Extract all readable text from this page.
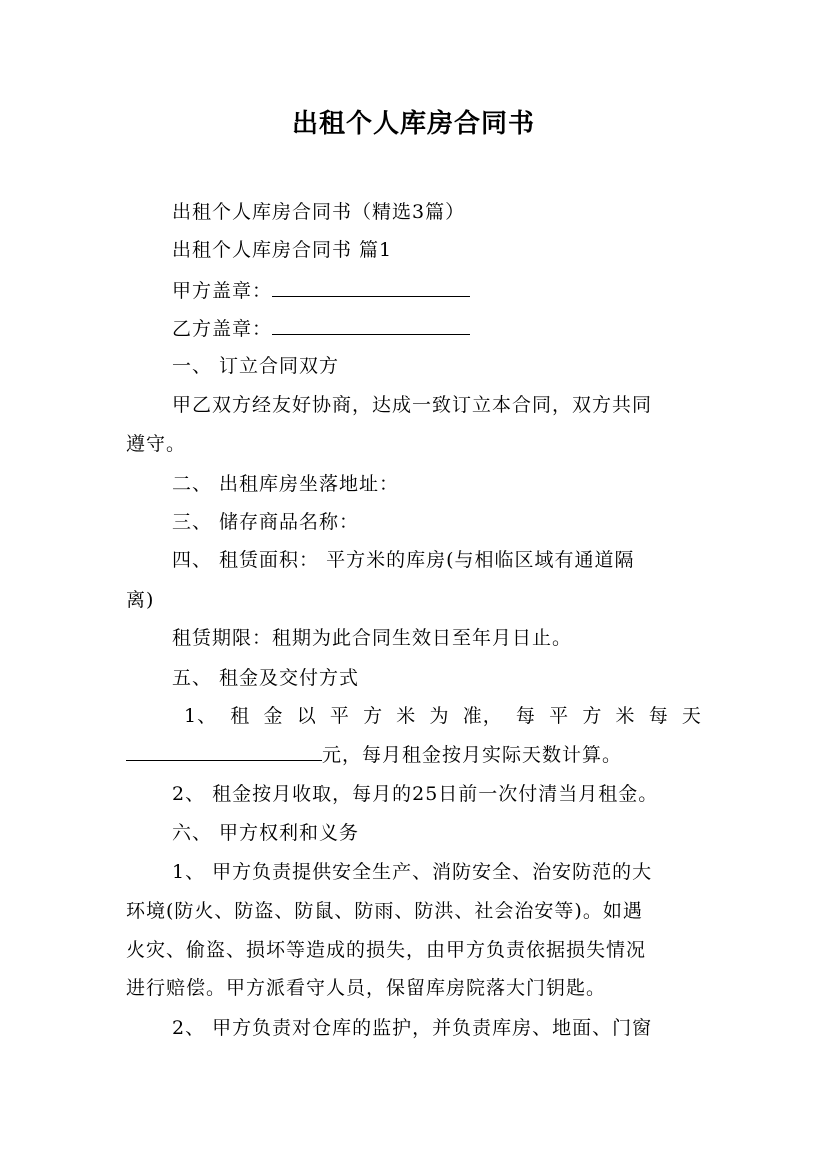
出租个人库房合同书
出租个人库房合同书（精选3篇）
出租个人库房合同书 篇1
甲方盖章：
乙方盖章：
一、 订立合同双方
甲乙双方经友好协商，达成一致订立本合同，双方共同
遵守。
二、 出租库房坐落地址：
三、 储存商品名称：
四、 租赁面积： 平方米的库房(与相临区域有通道隔
离)
租赁期限：租期为此合同生效日至年月日止。
五、 租金及交付方式
1、 租 金 以 平 方 米 为 准， 每 平 方 米 每 天
元，每月租金按月实际天数计算。
2、 租金按月收取，每月的25日前一次付清当月租金。
六、 甲方权利和义务
1、 甲方负责提供安全生产、消防安全、治安防范的大
环境(防火、防盗、防鼠、防雨、防洪、社会治安等)。如遇
火灾、偷盗、损坏等造成的损失，由甲方负责依据损失情况
进行赔偿。甲方派看守人员，保留库房院落大门钥匙。
2、 甲方负责对仓库的监护，并负责库房、地面、门窗
